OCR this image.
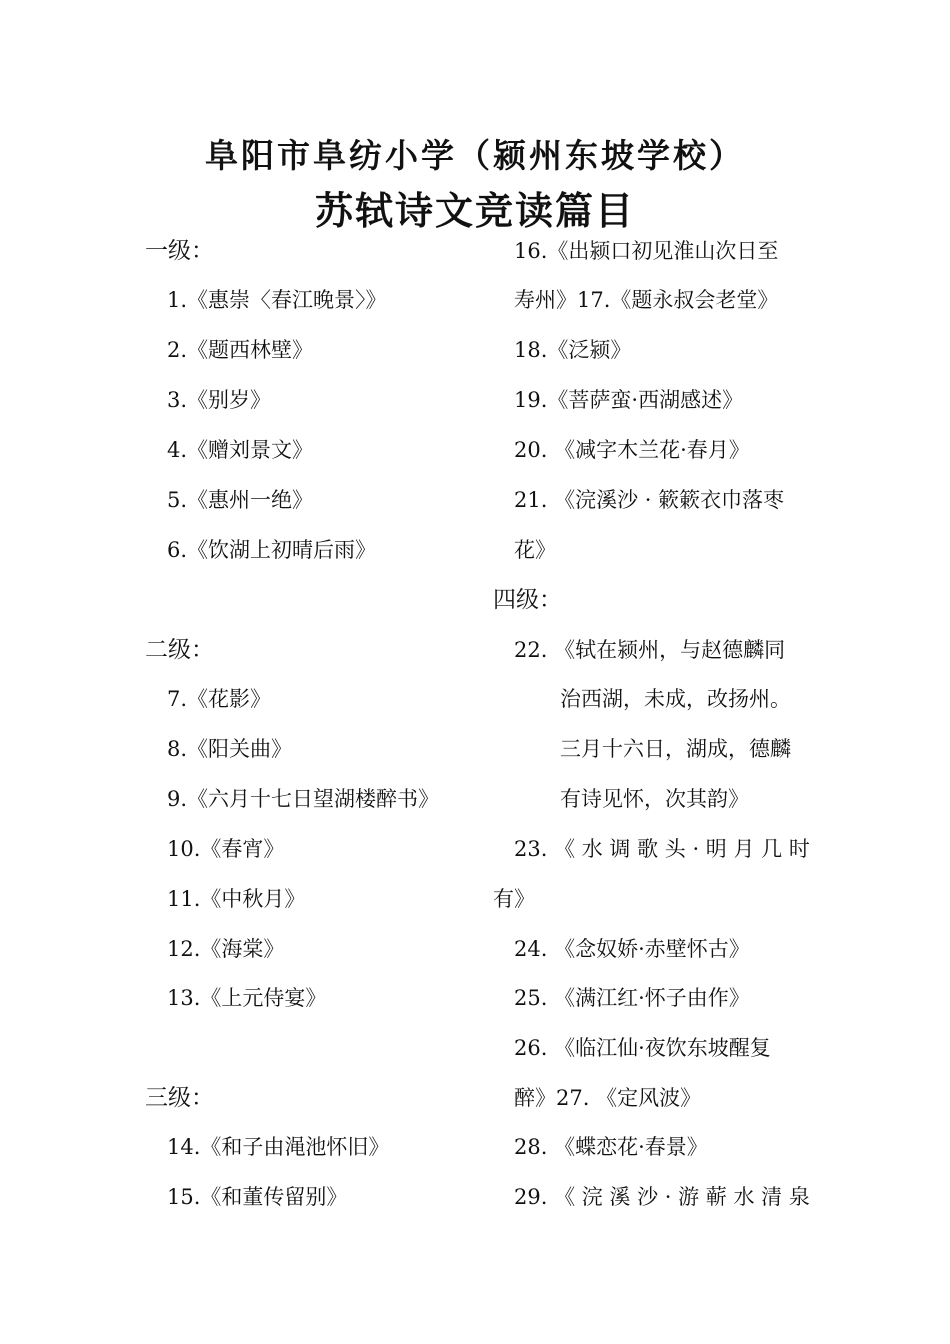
阜阳市阜纺小学（颍州东坡学校）
苏轼诗文竞读篇目
一级：
1.《惠崇〈春江晚景〉》
2.《题西林壁》
3.《别岁》
4.《赠刘景文》
5.《惠州一绝》
6.《饮湖上初晴后雨》
二级：
7.《花影》
8.《阳关曲》
9.《六月十七日望湖楼醉书》
10.《春宵》
11.《中秋月》
12.《海棠》
13.《上元侍宴》
三级：
14.《和子由渑池怀旧》
15.《和董传留别》
16.《出颍口初见淮山次日至
寿州》17.《题永叔会老堂》
18.《泛颍》
19.《菩萨蛮·西湖感述》
20. 《减字木兰花·春月》
21. 《浣溪沙 · 簌簌衣巾落枣
花》
四级：
22. 《轼在颍州，与赵德麟同
治西湖，未成，改扬州。
三月十六日，湖成，德麟
有诗见怀，次其韵》
23. 《 水 调 歌 头 · 明 月 几 时
有》
24. 《念奴娇·赤壁怀古》
25. 《满江红·怀子由作》
26. 《临江仙·夜饮东坡醒复
醉》27. 《定风波》
28. 《蝶恋花·春景》
29. 《 浣 溪 沙 · 游 蕲 水 清 泉
